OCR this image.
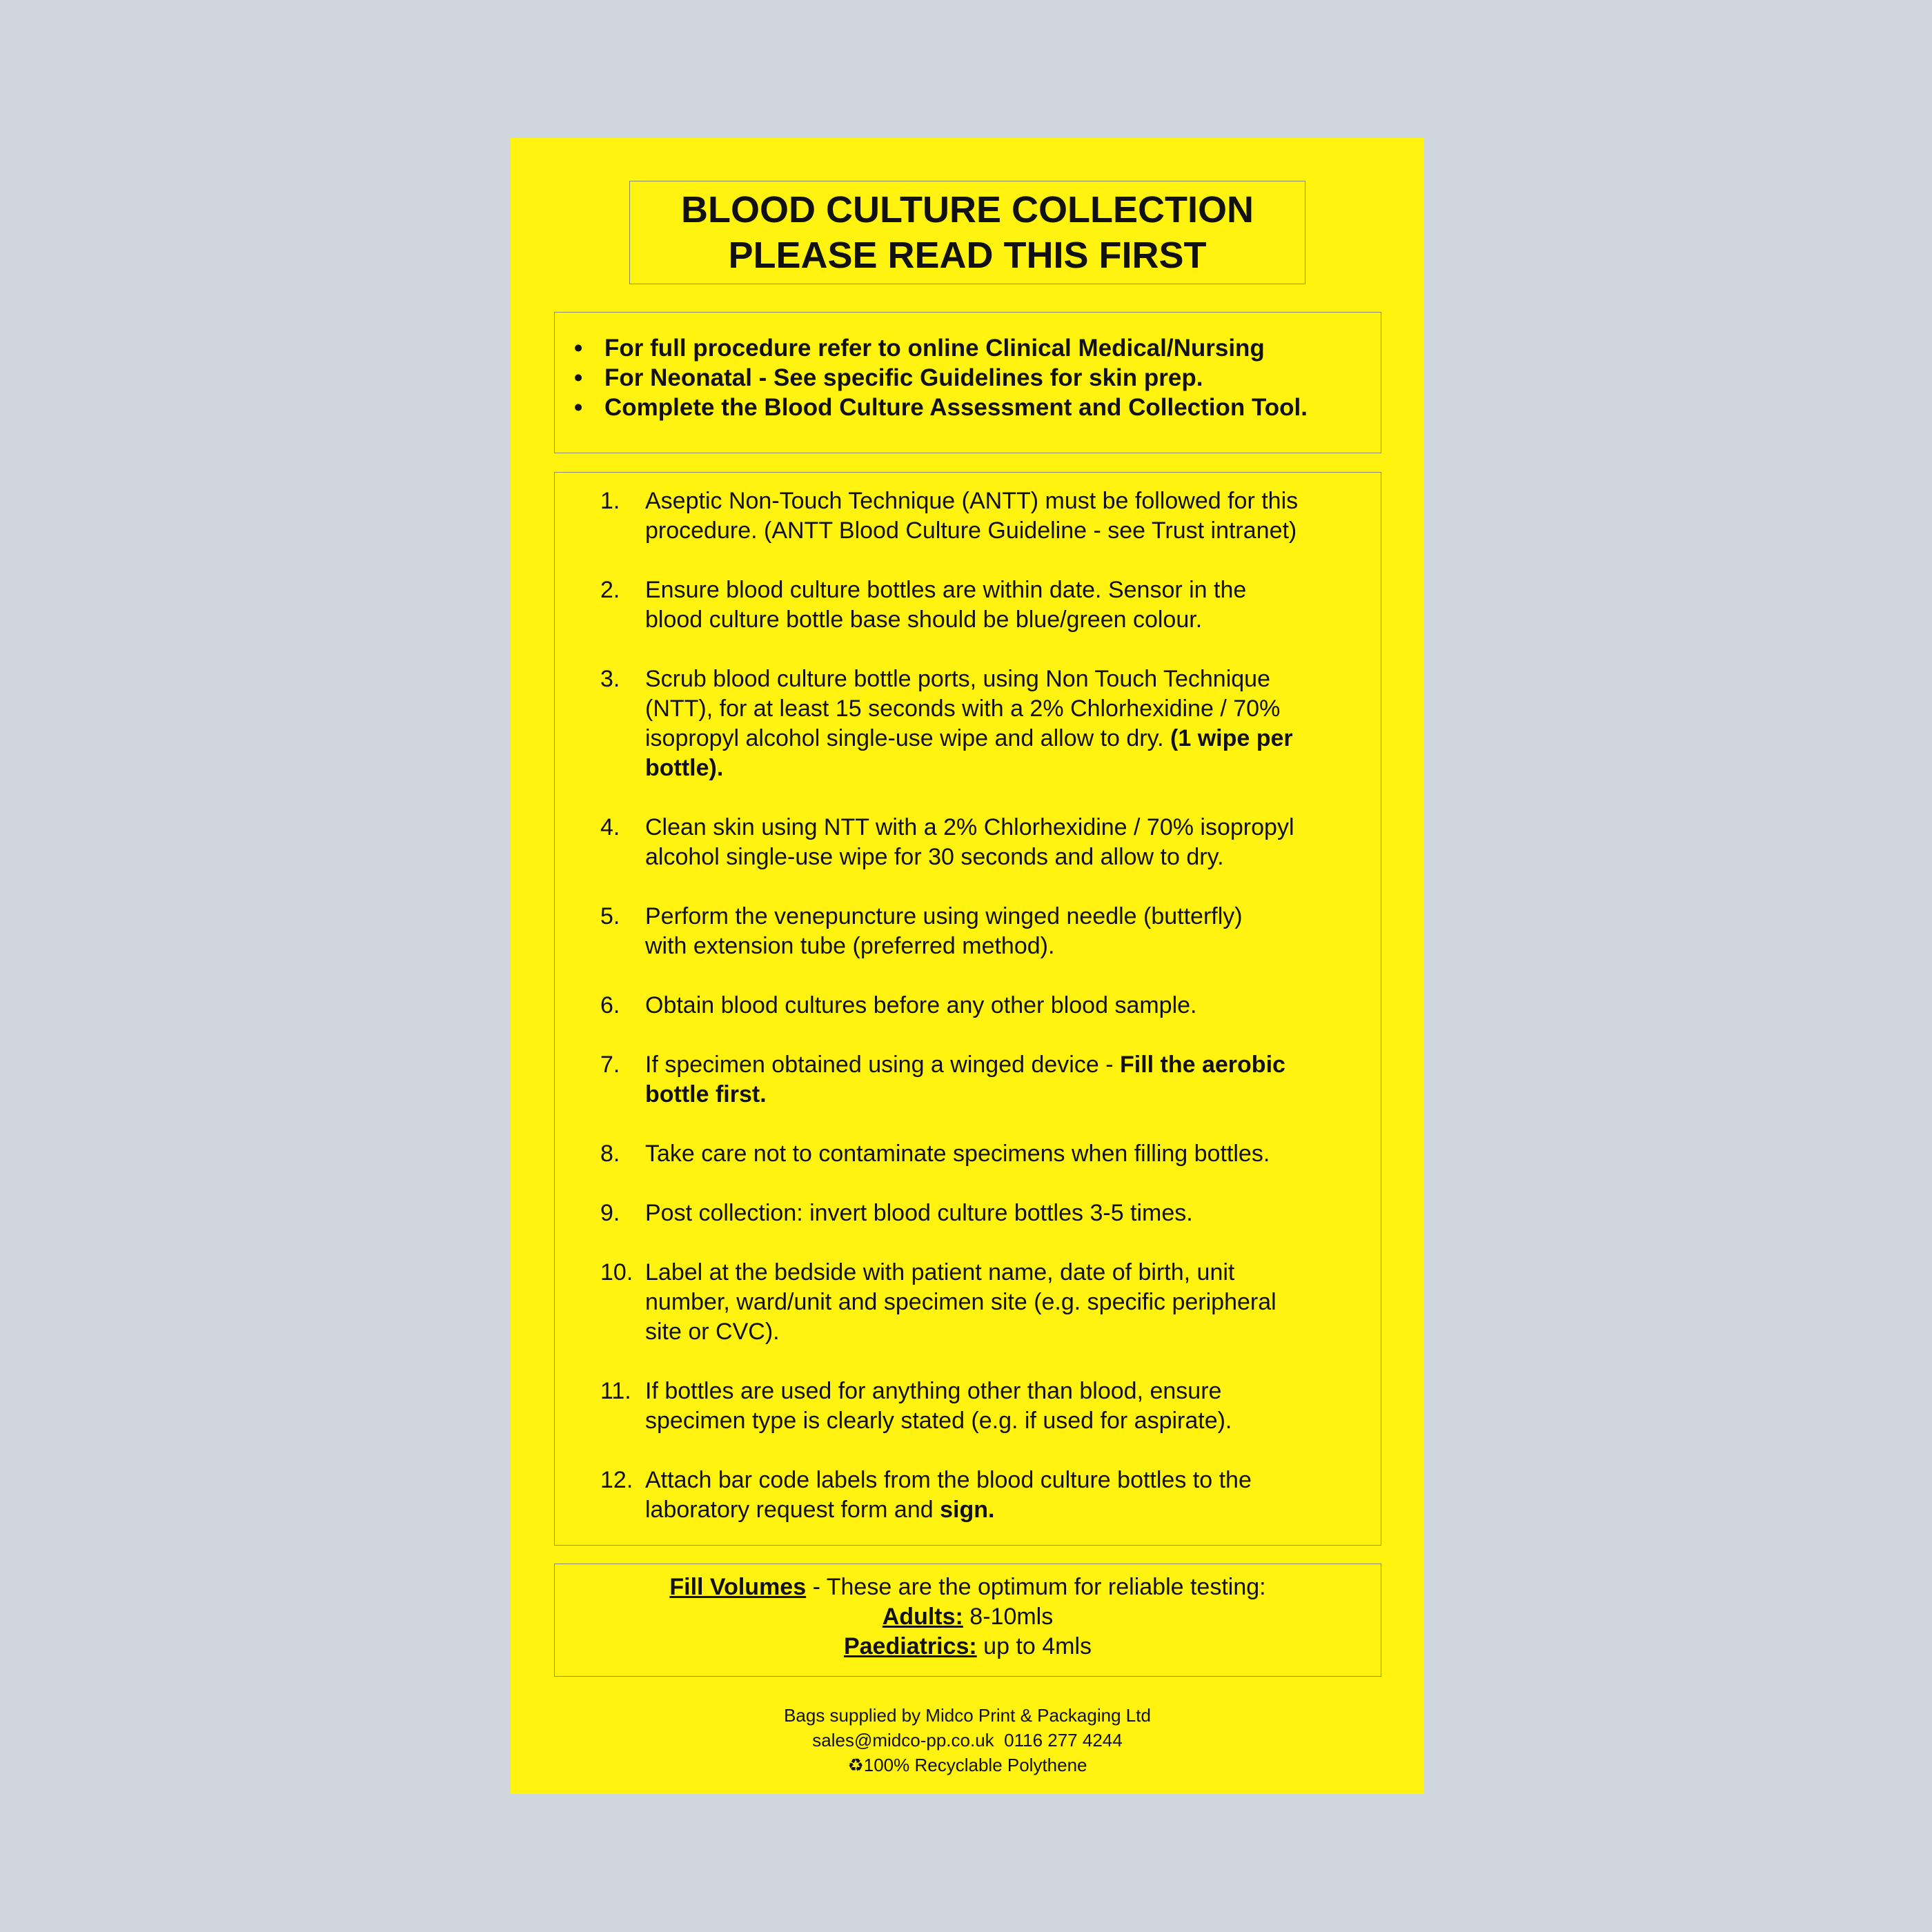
BLOOD CULTURE COLLECTION
PLEASE READ THIS FIRST
• For full procedure refer to online Clinical Medical/Nursing
• For Neonatal - See specific Guidelines for skin prep.
• Complete the Blood Culture Assessment and Collection Tool.
1. Aseptic Non-Touch Technique (ANTT) must be followed for this
procedure. (ANTT Blood Culture Guideline - see Trust intranet)
2. Ensure blood culture bottles are within date. Sensor in the
blood culture bottle base should be blue/green colour.
3. Scrub blood culture bottle ports, using Non Touch Technique
(NTT), for at least 15 seconds with a 2% Chlorhexidine / 70%
isopropyl alcohol single-use wipe and allow to dry. (1 wipe per
bottle).
4. Clean skin using NTT with a 2% Chlorhexidine / 70% isopropyl
alcohol single-use wipe for 30 seconds and allow to dry.
5. Perform the venepuncture using winged needle (butterfly)
with extension tube (preferred method).
6. Obtain blood cultures before any other blood sample.
7. If specimen obtained using a winged device - Fill the aerobic
bottle first.
8. Take care not to contaminate specimens when filling bottles.
9. Post collection: invert blood culture bottles 3-5 times.
10. Label at the bedside with patient name, date of birth, unit
number, ward/unit and specimen site (e.g. specific peripheral
site or CVC).
11. If bottles are used for anything other than blood, ensure
specimen type is clearly stated (e.g. if used for aspirate).
12. Attach bar code labels from the blood culture bottles to the
laboratory request form and sign.
Fill Volumes - These are the optimum for reliable testing:
Adults: 8-10mls
Paediatrics: up to 4mls
Bags supplied by Midco Print & Packaging Ltd
sales@midco-pp.co.uk 0116 277 4244
♻100% Recyclable Polythene
